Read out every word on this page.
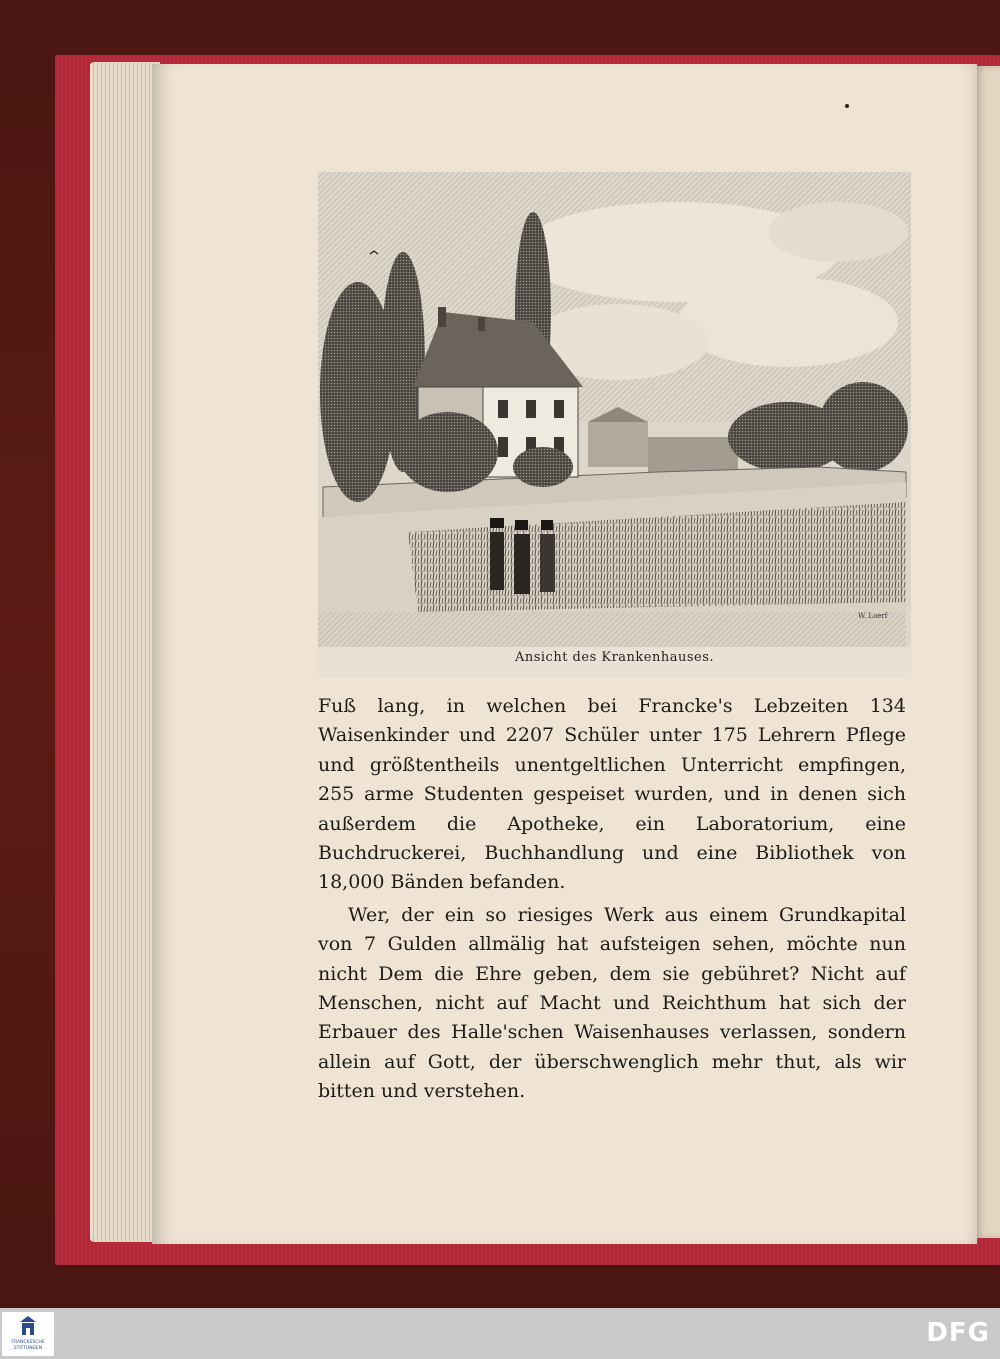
W. Loerf
Ansicht des Krankenhauses.

Fuß lang, in welchen bei Francke's Lebzeiten 134 Waisenkinder und 2207 Schüler unter 175 Lehrern Pflege und größtentheils unentgeltlichen Unterricht empfingen, 255 arme Studenten gespeiset wurden, und in denen sich außerdem die Apotheke, ein Laboratorium, eine Buchdruckerei, Buchhandlung und eine Bibliothek von 18,000 Bänden befanden.

Wer, der ein so riesiges Werk aus einem Grundkapital von 7 Gulden allmälig hat aufsteigen sehen, möchte nun nicht Dem die Ehre geben, dem sie gebühret? Nicht auf Menschen, nicht auf Macht und Reichthum hat sich der Erbauer des Halle'schen Waisenhauses verlassen, sondern allein auf Gott, der überschwenglich mehr thut, als wir bitten und verstehen.

FRANCKESCHE
STIFTUNGEN
DFG
